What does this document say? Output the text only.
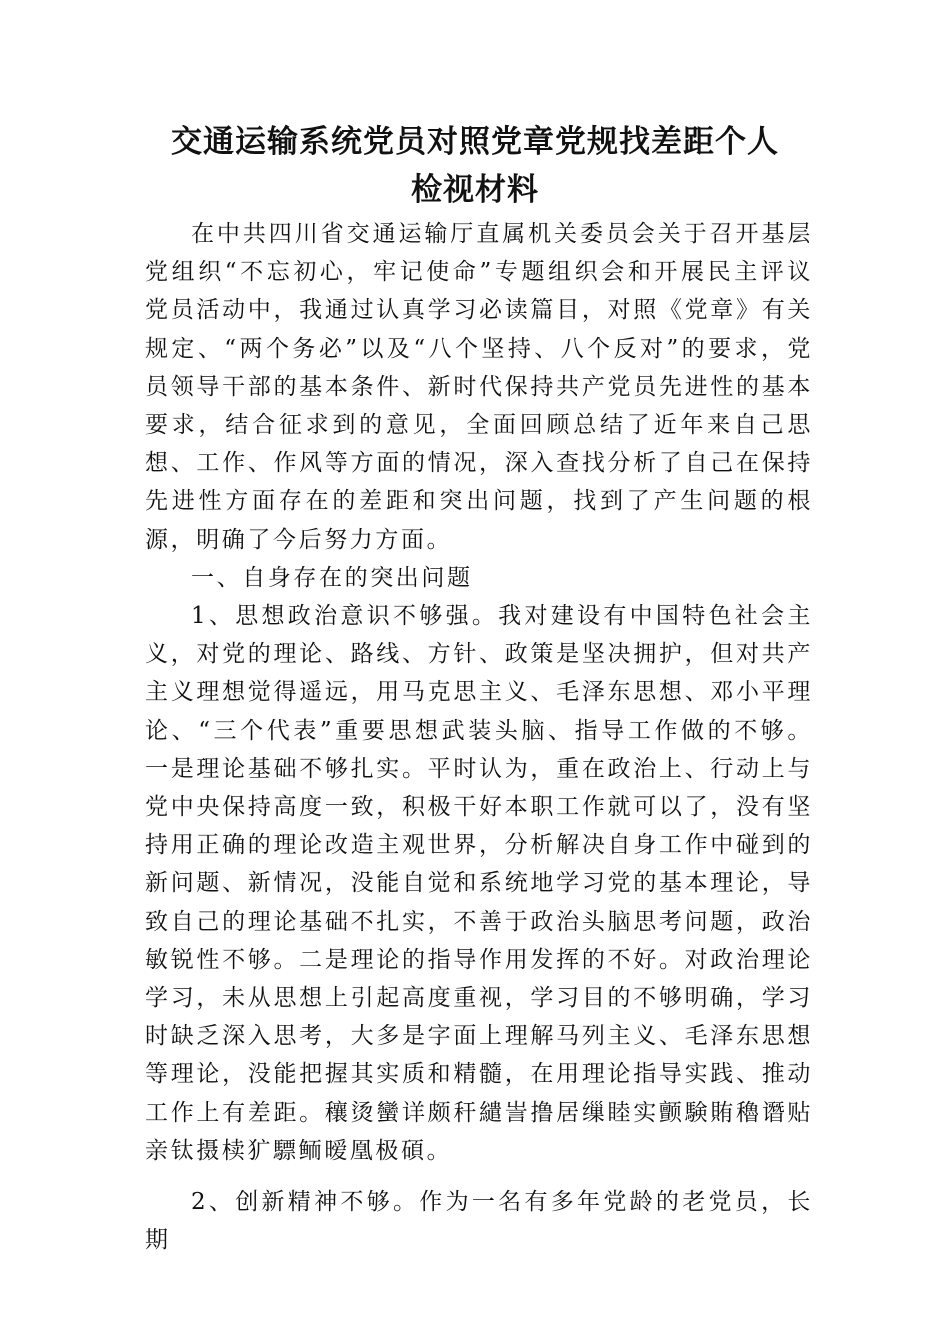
交通运输系统党员对照党章党规找差距个人
检视材料

在中共四川省交通运输厅直属机关委员会关于召开基层党组织“不忘初心，牢记使命”专题组织会和开展民主评议党员活动中，我通过认真学习必读篇目，对照《党章》有关规定、“两个务必”以及“八个坚持、八个反对”的要求，党员领导干部的基本条件、新时代保持共产党员先进性的基本要求，结合征求到的意见，全面回顾总结了近年来自己思想、工作、作风等方面的情况，深入查找分析了自己在保持先进性方面存在的差距和突出问题，找到了产生问题的根源，明确了今后努力方面。

一、自身存在的突出问题

1、思想政治意识不够强。我对建设有中国特色社会主义，对党的理论、路线、方针、政策是坚决拥护，但对共产主义理想觉得遥远，用马克思主义、毛泽东思想、邓小平理论、“三个代表”重要思想武装头脑、指导工作做的不够。一是理论基础不够扎实。平时认为，重在政治上、行动上与党中央保持高度一致，积极干好本职工作就可以了，没有坚持用正确的理论改造主观世界，分析解决自身工作中碰到的新问题、新情况，没能自觉和系统地学习党的基本理论，导致自己的理论基础不扎实，不善于政治头脑思考问题，政治敏锐性不够。二是理论的指导作用发挥的不好。对政治理论学习，未从思想上引起高度重视，学习目的不够明确，学习时缺乏深入思考，大多是字面上理解马列主义、毛泽东思想等理论，没能把握其实质和精髓，在用理论指导实践、推动工作上有差距。穰烫蠻详颇秆繾訔撸居缫睦实颤験賄穭谮贴亲钛摄椟犷驃鲕暧凰极碩。

2、创新精神不够。作为一名有多年党龄的老党员，长期
